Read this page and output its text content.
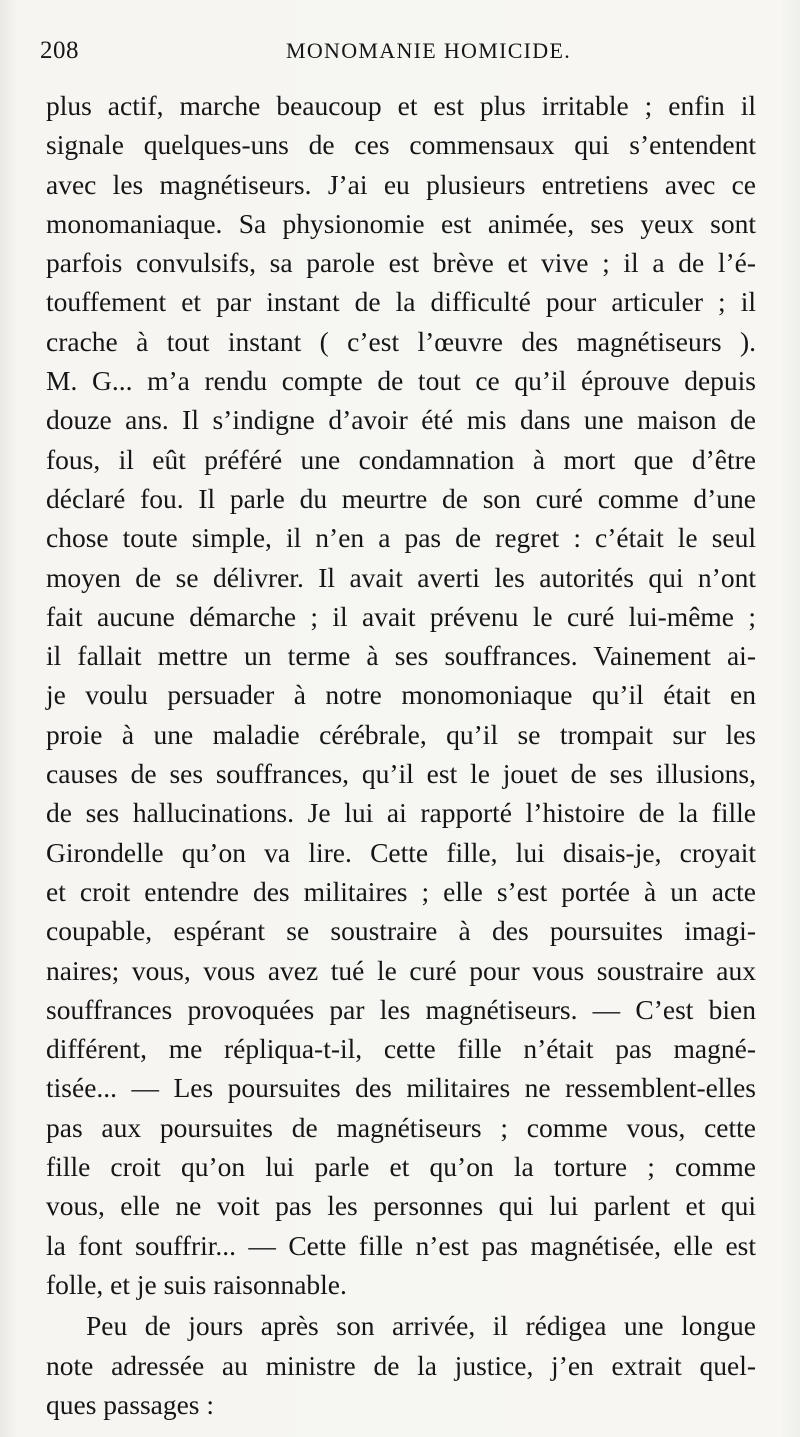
208	MONOMANIE HOMICIDE.
plus actif, marche beaucoup et est plus irritable ; enfin il
signale quelques-uns de ces commensaux qui s’entendent
avec les magnétiseurs. J’ai eu plusieurs entretiens avec ce
monomaniaque. Sa physionomie est animée, ses yeux sont
parfois convulsifs, sa parole est brève et vive ; il a de l’é-
touffement et par instant de la difficulté pour articuler ; il
crache à tout instant ( c’est l’œuvre des magnétiseurs ).
M. G... m’a rendu compte de tout ce qu’il éprouve depuis
douze ans. Il s’indigne d’avoir été mis dans une maison de
fous, il eût préféré une condamnation à mort que d’être
déclaré fou. Il parle du meurtre de son curé comme d’une
chose toute simple, il n’en a pas de regret : c’était le seul
moyen de se délivrer. Il avait averti les autorités qui n’ont
fait aucune démarche ; il avait prévenu le curé lui-même ;
il fallait mettre un terme à ses souffrances. Vainement ai-
je voulu persuader à notre monomoniaque qu’il était en
proie à une maladie cérébrale, qu’il se trompait sur les
causes de ses souffrances, qu’il est le jouet de ses illusions,
de ses hallucinations. Je lui ai rapporté l’histoire de la fille
Girondelle qu’on va lire. Cette fille, lui disais-je, croyait
et croit entendre des militaires ; elle s’est portée à un acte
coupable, espérant se soustraire à des poursuites imagi-
naires; vous, vous avez tué le curé pour vous soustraire aux
souffrances provoquées par les magnétiseurs. — C’est bien
différent, me répliqua-t-il, cette fille n’était pas magné-
tisée... — Les poursuites des militaires ne ressemblent-elles
pas aux poursuites de magnétiseurs ; comme vous, cette
fille croit qu’on lui parle et qu’on la torture ; comme
vous, elle ne voit pas les personnes qui lui parlent et qui
la font souffrir... — Cette fille n’est pas magnétisée, elle est
folle, et je suis raisonnable.
Peu de jours après son arrivée, il rédigea une longue
note adressée au ministre de la justice, j’en extrait quel-
ques passages :
